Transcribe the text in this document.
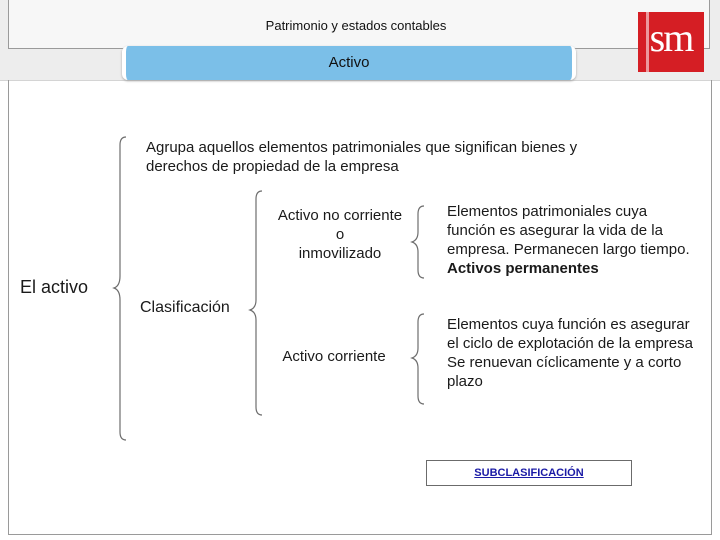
Patrimonio y estados contables	sm
Activo
Agrupa aquellos elementos patrimoniales que significan bienes y derechos de propiedad de la empresa
El activo
Clasificación
Activo no corriente
o
inmovilizado
Activo corriente
Elementos patrimoniales cuya función es asegurar la vida de la empresa. Permanecen largo tiempo. Activos permanentes
Elementos cuya función es asegurar el ciclo de explotación de la empresa
Se renuevan cíclicamente y a corto plazo
SUBCLASIFICACIÓN
